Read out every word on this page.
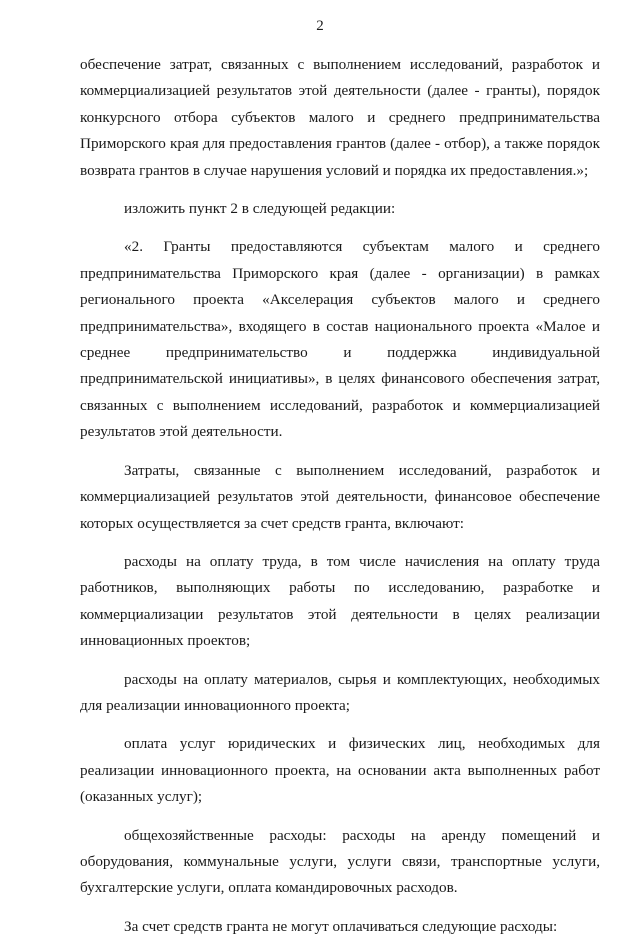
2
обеспечение затрат, связанных с выполнением исследований, разработок и
коммерциализацией результатов этой деятельности (далее - гранты), порядок
конкурсного отбора субъектов малого и среднего предпринимательства
Приморского края для предоставления грантов (далее - отбор), а также порядок
возврата грантов в случае нарушения условий и порядка их предоставления.»;
изложить пункт 2 в следующей редакции:
«2. Гранты предоставляются субъектам малого и среднего
предпринимательства Приморского края (далее - организации) в рамках
регионального проекта «Акселерация субъектов малого и среднего
предпринимательства», входящего в состав национального проекта «Малое и
среднее предпринимательство и поддержка индивидуальной
предпринимательской инициативы», в целях финансового обеспечения затрат,
связанных с выполнением исследований, разработок и коммерциализацией
результатов этой деятельности.
Затраты, связанные с выполнением исследований, разработок и
коммерциализацией результатов этой деятельности, финансовое обеспечение
которых осуществляется за счет средств гранта, включают:
расходы на оплату труда, в том числе начисления на оплату труда
работников, выполняющих работы по исследованию, разработке и
коммерциализации результатов этой деятельности в целях реализации
инновационных проектов;
расходы на оплату материалов, сырья и комплектующих, необходимых
для реализации инновационного проекта;
оплата услуг юридических и физических лиц, необходимых для
реализации инновационного проекта, на основании акта выполненных работ
(оказанных услуг);
общехозяйственные расходы: расходы на аренду помещений и
оборудования, коммунальные услуги, услуги связи, транспортные услуги,
бухгалтерские услуги, оплата командировочных расходов.
За счет средств гранта не могут оплачиваться следующие расходы:
